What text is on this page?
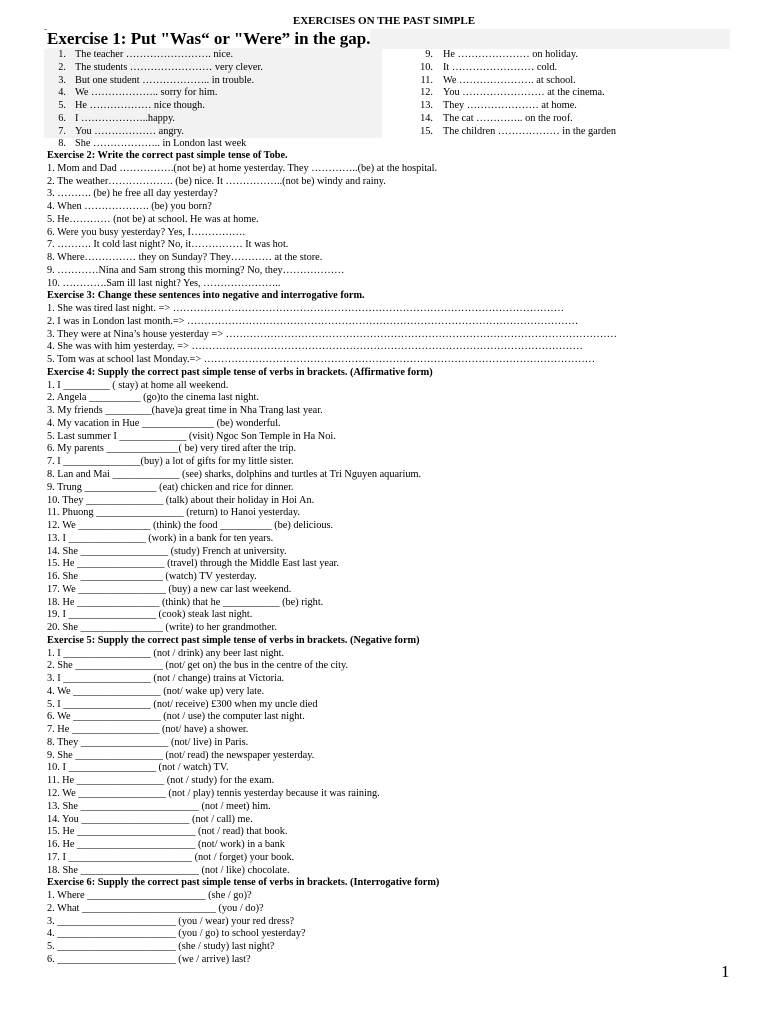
EXERCISES ON THE PAST SIMPLE
Exercise 1: Put "Was“ or "Were” in the gap.
1. The teacher ……………………. nice.
2. The students …………………… very clever.
3. But one student ……………….. in trouble.
4. We ……………….. sorry for him.
5. He ……………… nice though.
6. I ………………..happy.
7. You ……………… angry.
8. She ……………….. in London last week
9. He ………………… on holiday.
10. It …………………… cold.
11. We …………………. at school.
12. You …………………… at the cinema.
13. They ………………… at home.
14. The cat ………….. on the roof.
15. The children ……………… in the garden
Exercise 2: Write the correct past simple tense of Tobe.
1. Mom and Dad …………….(not be) at home yesterday. They …………..(be) at the hospital.
2. The weather………………. (be) nice. It ……………..(not be) windy and rainy.
3. ………. (be) he free all day yesterday?
4. When ………………. (be) you born?
5. He………… (not be) at school. He was at home.
6. Were you busy yesterday? Yes, I…………….
7. ………. It cold last night? No, it…………… It was hot.
8. Where…………… they on Sunday? They………… at the store.
9. …………Nina and Sam strong this morning? No, they………………
10. ………….Sam ill last night? Yes, …………………..
Exercise 3: Change these sentences into negative and interrogative form.
1. She was tired last night. => ……………………………………………………………………………………………………
2. I was in London last month.=> ……………………………………………………………………………………………………
3. They were at Nina’s house yesterday => ……………………………………………………………………………………………………
4. She was with him yesterday. => ……………………………………………………………………………………………………
5. Tom was at school last Monday.=> ……………………………………………………………………………………………………
Exercise 4: Supply the correct past simple tense of verbs in brackets. (Affirmative form)
1. I _________ ( stay) at home all weekend.
2. Angela __________ (go)to the cinema last night.
3. My friends _________(have)a great time in Nha Trang last year.
4. My vacation in Hue ______________ (be) wonderful.
5. Last summer I _____________ (visit) Ngoc Son Temple in Ha Noi.
6. My parents ______________( be) very tired after the trip.
7. I _______________(buy) a lot of gifts for my little sister.
8. Lan and Mai _____________ (see) sharks, dolphins and turtles at Tri Nguyen aquarium.
9. Trung ______________ (eat) chicken and rice for dinner.
10. They _______________ (talk) about their holiday in Hoi An.
11. Phuong _________________ (return) to Hanoi yesterday.
12. We ______________ (think) the food __________ (be) delicious.
13. I _______________ (work) in a bank for ten years.
14. She _________________ (study) French at university.
15. He _________________ (travel) through the Middle East last year.
16. She ________________ (watch) TV yesterday.
17. We _________________ (buy) a new car last weekend.
18. He ________________ (think) that he ___________ (be) right.
19. I _________________ (cook) steak last night.
20. She ________________ (write) to her grandmother.
Exercise 5: Supply the correct past simple tense of verbs in brackets. (Negative form)
1. I _________________ (not / drink) any beer last night.
2. She _________________ (not/ get on) the bus in the centre of the city.
3. I _________________ (not / change) trains at Victoria.
4. We _________________ (not/ wake up) very late.
5. I _________________ (not/ receive) £300 when my uncle died
6. We _________________ (not / use) the computer last night.
7. He _________________ (not/ have) a shower.
8. They _________________ (not/ live) in Paris.
9. She _________________ (not/ read) the newspaper yesterday.
10. I _________________ (not / watch) TV.
11. He _________________ (not / study) for the exam.
12. We _________________ (not / play) tennis yesterday because it was raining.
13. She _______________________ (not / meet) him.
14. You _____________________ (not / call) me.
15. He _______________________ (not / read) that book.
16. He _______________________ (not/ work) in a bank
17. I ________________________ (not / forget) your book.
18. She _______________________ (not / like) chocolate.
Exercise 6: Supply the correct past simple tense of verbs in brackets. (Interrogative form)
1. Where _______________________ (she / go)?
2. What __________________________ (you / do)?
3. _______________________ (you / wear) your red dress?
4. _______________________ (you / go) to school yesterday?
5. _______________________ (she / study) last night?
6. _______________________ (we / arrive) last?
1
